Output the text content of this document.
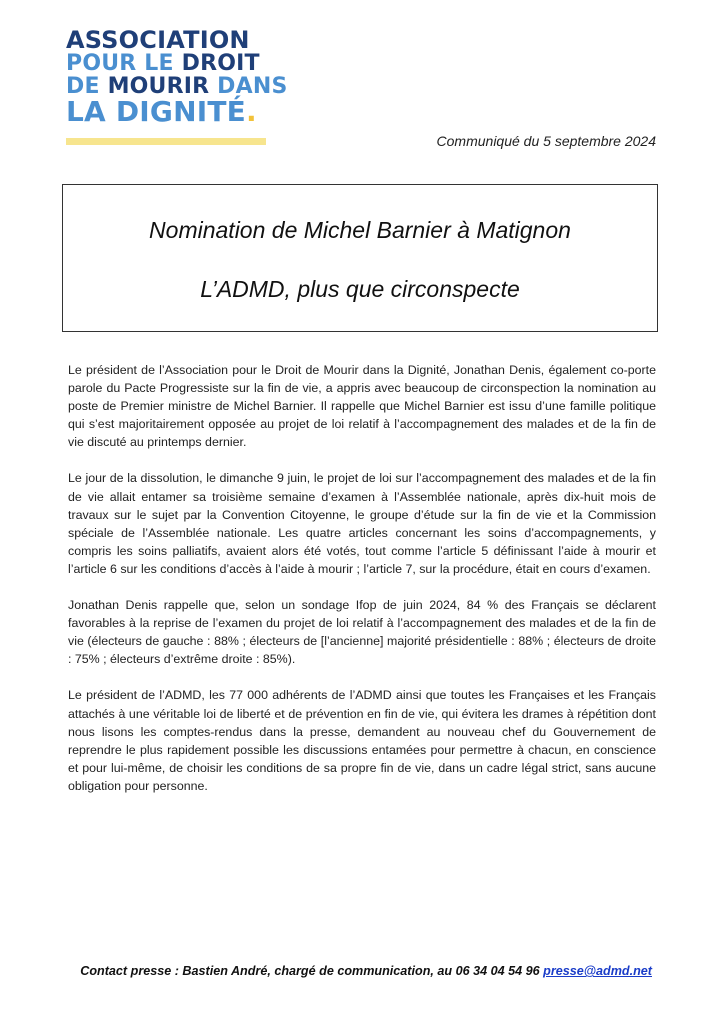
ASSOCIATION
POUR LE DROIT
DE MOURIR DANS
LA DIGNITÉ.
Communiqué du 5 septembre 2024
Nomination de Michel Barnier à Matignon
L’ADMD, plus que circonspecte

Le président de l’Association pour le Droit de Mourir dans la Dignité, Jonathan Denis, également co-porte parole du Pacte Progressiste sur la fin de vie, a appris avec beaucoup de circonspection la nomination au poste de Premier ministre de Michel Barnier. Il rappelle que Michel Barnier est issu d’une famille politique qui s’est majoritairement opposée au projet de loi relatif à l’accompagnement des malades et de la fin de vie discuté au printemps dernier.

Le jour de la dissolution, le dimanche 9 juin, le projet de loi sur l’accompagnement des malades et de la fin de vie allait entamer sa troisième semaine d’examen à l’Assemblée nationale, après dix-huit mois de travaux sur le sujet par la Convention Citoyenne, le groupe d’étude sur la fin de vie et la Commission spéciale de l’Assemblée nationale. Les quatre articles concernant les soins d’accompagnements, y compris les soins palliatifs, avaient alors été votés, tout comme l’article 5 définissant l’aide à mourir et l’article 6 sur les conditions d’accès à l’aide à mourir ; l’article 7, sur la procédure, était en cours d’examen.

Jonathan Denis rappelle que, selon un sondage Ifop de juin 2024, 84 % des Français se déclarent favorables à la reprise de l’examen du projet de loi relatif à l’accompagnement des malades et de la fin de vie (électeurs de gauche : 88% ; électeurs de [l’ancienne] majorité présidentielle : 88% ; électeurs de droite : 75% ; électeurs d’extrême droite : 85%).

Le président de l’ADMD, les 77 000 adhérents de l’ADMD ainsi que toutes les Françaises et les Français attachés à une véritable loi de liberté et de prévention en fin de vie, qui évitera les drames à répétition dont nous lisons les comptes-rendus dans la presse, demandent au nouveau chef du Gouvernement de reprendre le plus rapidement possible les discussions entamées pour permettre à chacun, en conscience et pour lui-même, de choisir les conditions de sa propre fin de vie, dans un cadre légal strict, sans aucune obligation pour personne.

Contact presse : Bastien André, chargé de communication, au 06 34 04 54 96 presse@admd.net
